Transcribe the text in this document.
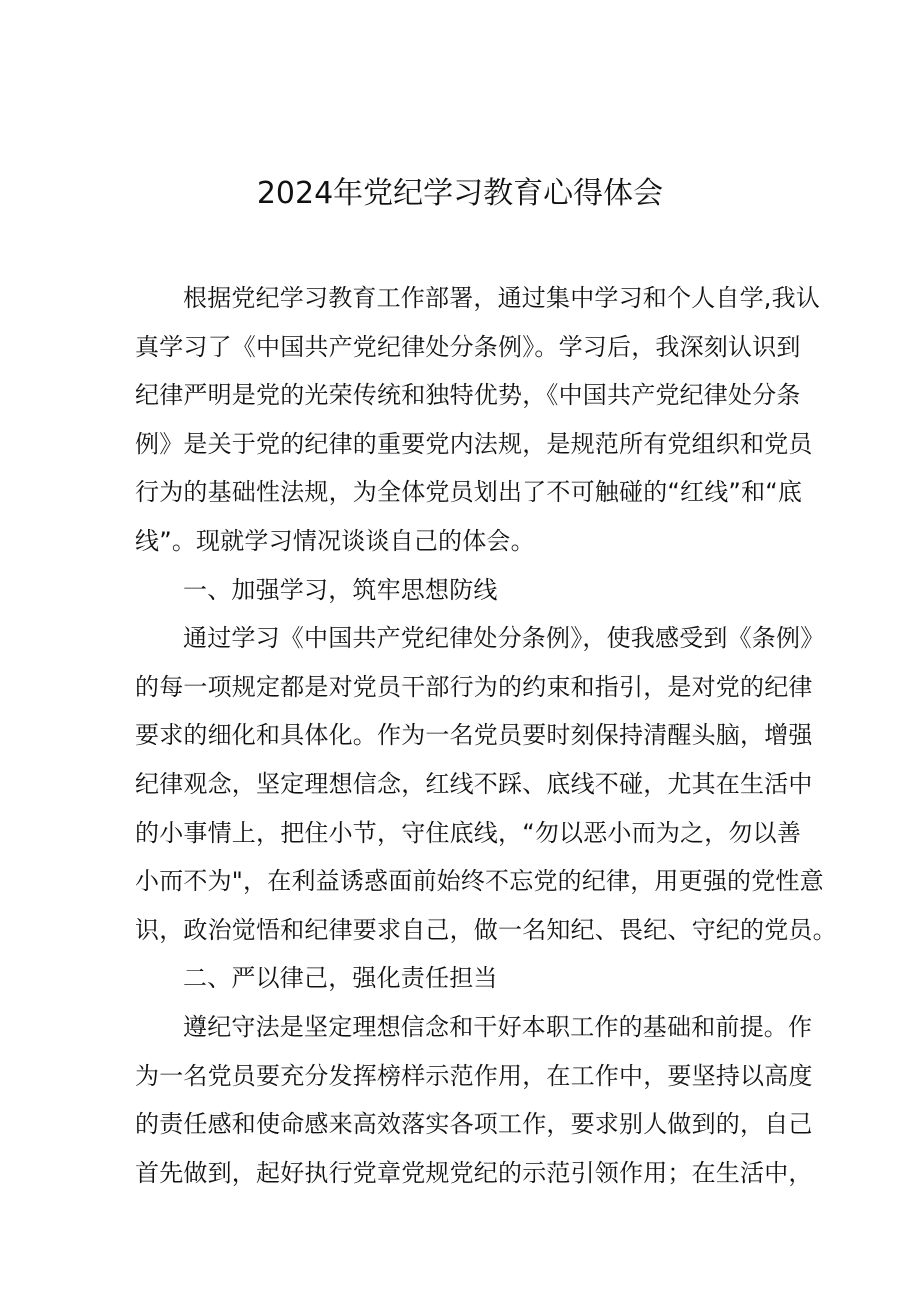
2024年党纪学习教育心得体会
根据党纪学习教育工作部署，通过集中学习和个人自学,我认
真学习了《中国共产党纪律处分条例》。学习后，我深刻认识到
纪律严明是党的光荣传统和独特优势，《中国共产党纪律处分条
例》是关于党的纪律的重要党内法规，是规范所有党组织和党员
行为的基础性法规，为全体党员划出了不可触碰的“红线”和“底
线”。现就学习情况谈谈自己的体会。
一、加强学习，筑牢思想防线
通过学习《中国共产党纪律处分条例》，使我感受到《条例》
的每一项规定都是对党员干部行为的约束和指引，是对党的纪律
要求的细化和具体化。作为一名党员要时刻保持清醒头脑，增强
纪律观念，坚定理想信念，红线不踩、底线不碰，尤其在生活中
的小事情上，把住小节，守住底线，“勿以恶小而为之，勿以善
小而不为"，在利益诱惑面前始终不忘党的纪律，用更强的党性意
识，政治觉悟和纪律要求自己，做一名知纪、畏纪、守纪的党员。
二、严以律己，强化责任担当
遵纪守法是坚定理想信念和干好本职工作的基础和前提。作
为一名党员要充分发挥榜样示范作用，在工作中，要坚持以高度
的责任感和使命感来高效落实各项工作，要求别人做到的，自己
首先做到，起好执行党章党规党纪的示范引领作用；在生活中，
